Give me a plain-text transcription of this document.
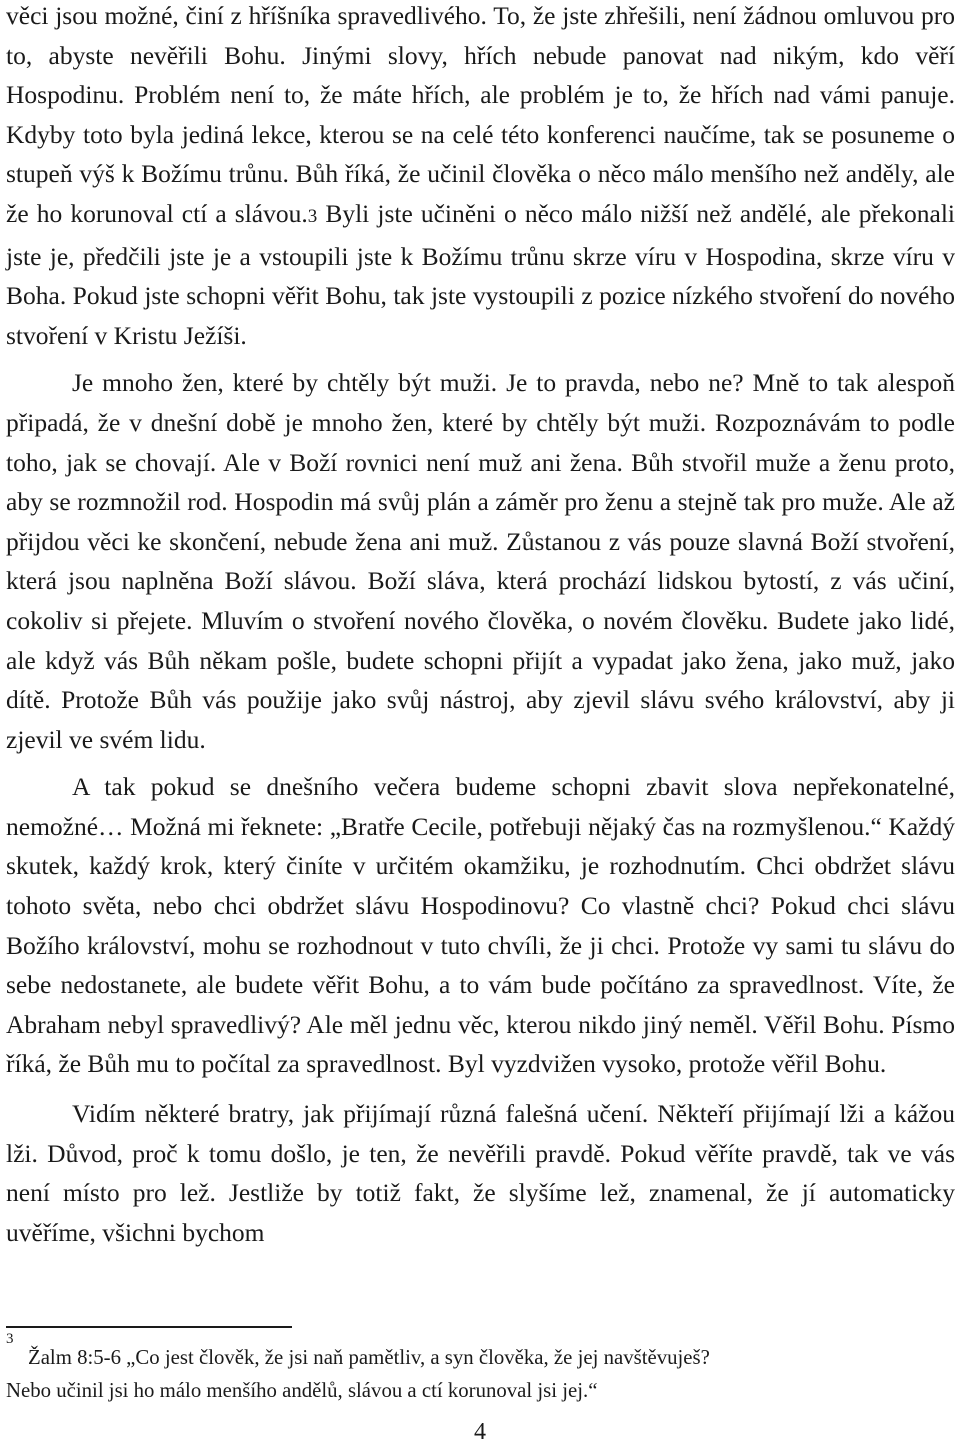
věci jsou možné, činí z hříšníka spravedlivého. To, že jste zhřešili, není žádnou omluvou pro to, abyste nevěřili Bohu. Jinými slovy, hřích nebude panovat nad nikým, kdo věří Hospodinu. Problém není to, že máte hřích, ale problém je to, že hřích nad vámi panuje. Kdyby toto byla jediná lekce, kterou se na celé této konferenci naučíme, tak se posuneme o stupeň výš k Božímu trůnu. Bůh říká, že učinil člověka o něco málo menšího než anděly, ale že ho korunoval ctí a slávou.3 Byli jste učiněni o něco málo nižší než andělé, ale překonali jste je, předčili jste je a vstoupili jste k Božímu trůnu skrze víru v Hospodina, skrze víru v Boha. Pokud jste schopni věřit Bohu, tak jste vystoupili z pozice nízkého stvoření do nového stvoření v Kristu Ježíši.

Je mnoho žen, které by chtěly být muži. Je to pravda, nebo ne? Mně to tak alespoň připadá, že v dnešní době je mnoho žen, které by chtěly být muži. Rozpoznávám to podle toho, jak se chovají. Ale v Boží rovnici není muž ani žena. Bůh stvořil muže a ženu proto, aby se rozmnožil rod. Hospodin má svůj plán a záměr pro ženu a stejně tak pro muže. Ale až přijdou věci ke skončení, nebude žena ani muž. Zůstanou z vás pouze slavná Boží stvoření, která jsou naplněna Boží slávou. Boží sláva, která prochází lidskou bytostí, z vás učiní, cokoliv si přejete. Mluvím o stvoření nového člověka, o novém člověku. Budete jako lidé, ale když vás Bůh někam pošle, budete schopni přijít a vypadat jako žena, jako muž, jako dítě. Protože Bůh vás použije jako svůj nástroj, aby zjevil slávu svého království, aby ji zjevil ve svém lidu.

A tak pokud se dnešního večera budeme schopni zbavit slova nepřekonatelné, nemožné… Možná mi řeknete: „Bratře Cecile, potřebuji nějaký čas na rozmyšlenou.“ Každý skutek, každý krok, který činíte v určitém okamžiku, je rozhodnutím. Chci obdržet slávu tohoto světa, nebo chci obdržet slávu Hospodinovu? Co vlastně chci? Pokud chci slávu Božího království, mohu se rozhodnout v tuto chvíli, že ji chci. Protože vy sami tu slávu do sebe nedostanete, ale budete věřit Bohu, a to vám bude počítáno za spravedlnost. Víte, že Abraham nebyl spravedlivý? Ale měl jednu věc, kterou nikdo jiný neměl. Věřil Bohu. Písmo říká, že Bůh mu to počítal za spravedlnost. Byl vyzdvižen vysoko, protože věřil Bohu.

Vidím některé bratry, jak přijímají různá falešná učení. Někteří přijímají lži a kážou lži. Důvod, proč k tomu došlo, je ten, že nevěřili pravdě. Pokud věříte pravdě, tak ve vás není místo pro lež. Jestliže by totiž fakt, že slyšíme lež, znamenal, že jí automaticky uvěříme, všichni bychom

3
Žalm 8:5-6 „Co jest člověk, že jsi naň pamětliv, a syn člověka, že jej navštěvuješ?
Nebo učinil jsi ho málo menšího andělů, slávou a ctí korunoval jsi jej.“
4
